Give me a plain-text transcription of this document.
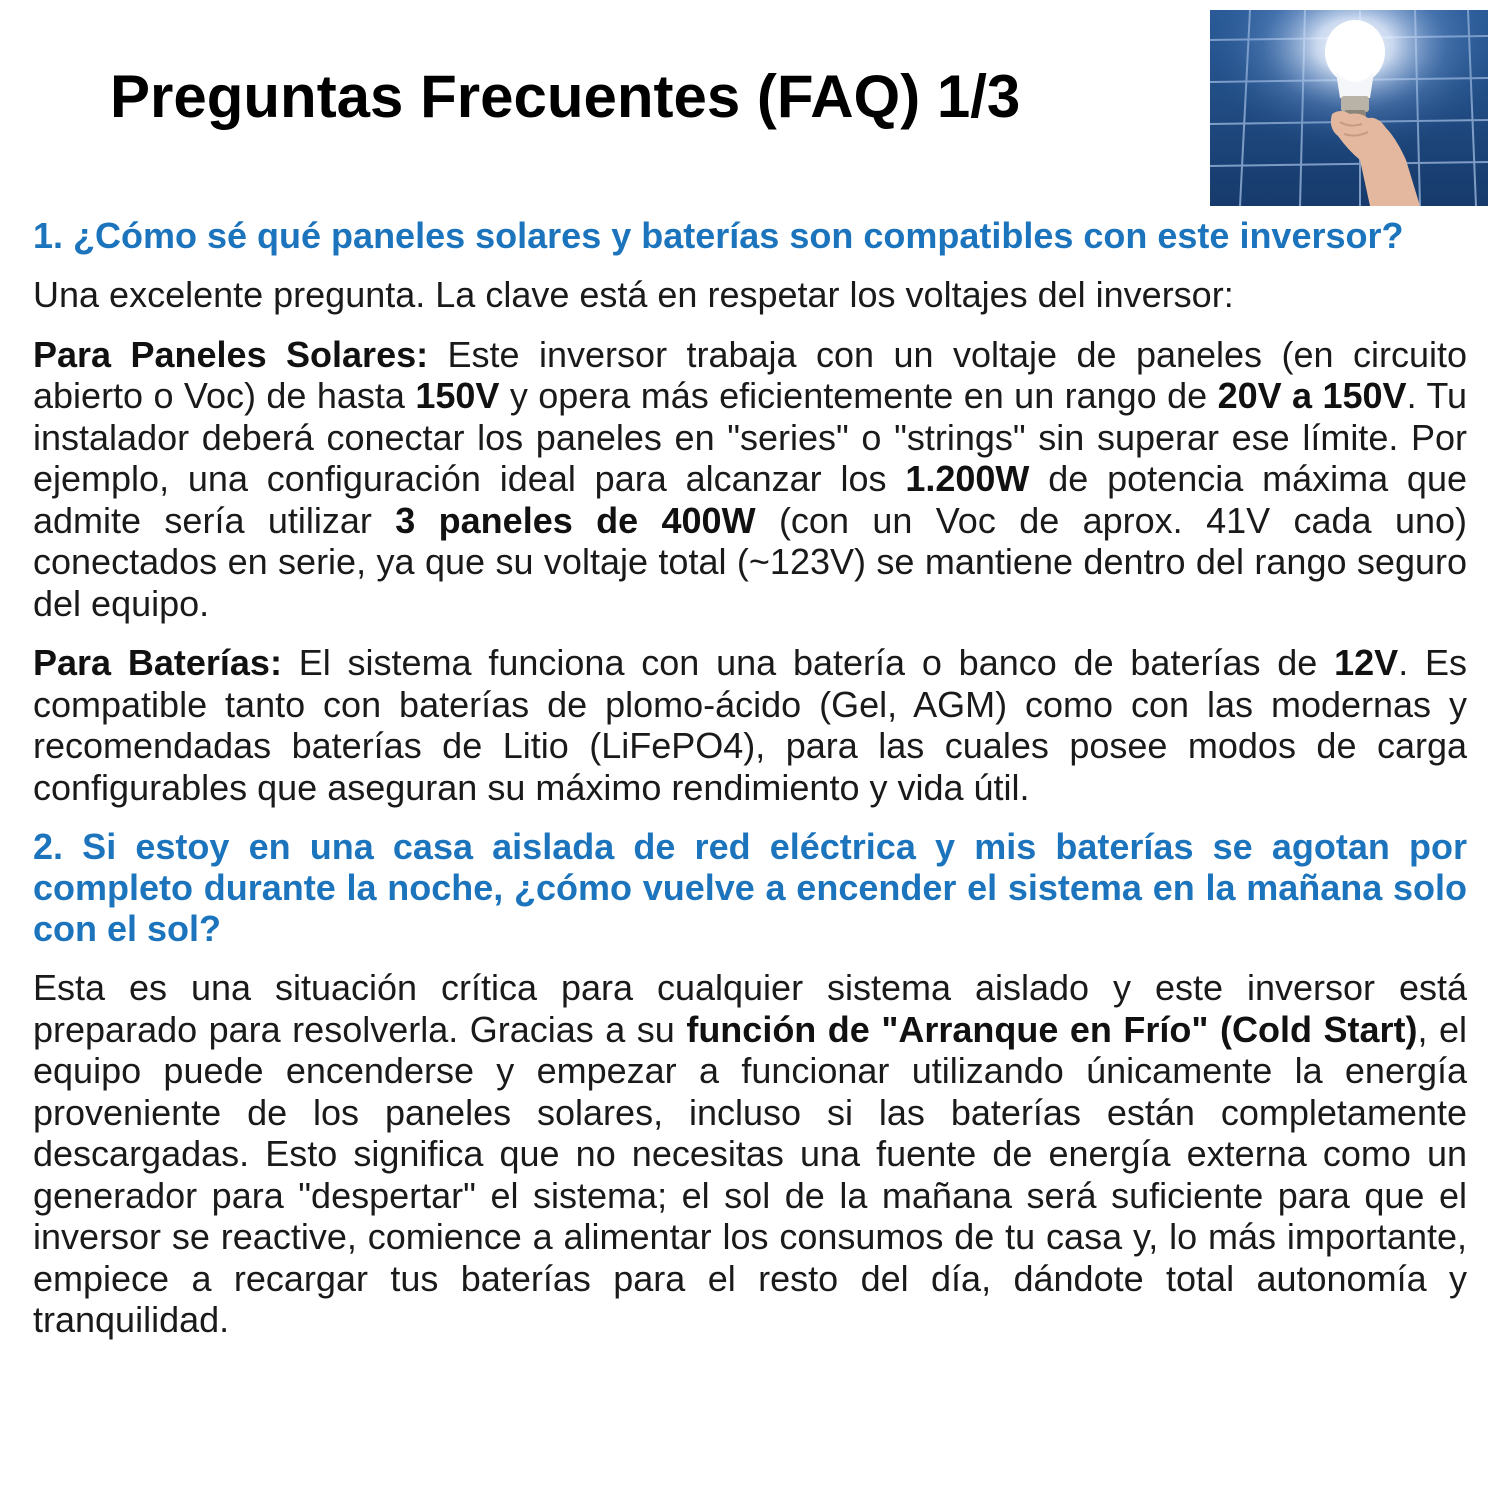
Preguntas Frecuentes (FAQ) 1/3

1. ¿Cómo sé qué paneles solares y baterías son compatibles con este inversor?

Una excelente pregunta. La clave está en respetar los voltajes del inversor:

Para Paneles Solares: Este inversor trabaja con un voltaje de paneles (en circuito abierto o Voc) de hasta 150V y opera más eficientemente en un rango de 20V a 150V. Tu instalador deberá conectar los paneles en "series" o "strings" sin superar ese límite. Por ejemplo, una configuración ideal para alcanzar los 1.200W de potencia máxima que admite sería utilizar 3 paneles de 400W (con un Voc de aprox. 41V cada uno) conectados en serie, ya que su voltaje total (~123V) se mantiene dentro del rango seguro del equipo.

Para Baterías: El sistema funciona con una batería o banco de baterías de 12V. Es compatible tanto con baterías de plomo-ácido (Gel, AGM) como con las modernas y recomendadas baterías de Litio (LiFePO4), para las cuales posee modos de carga configurables que aseguran su máximo rendimiento y vida útil.

2. Si estoy en una casa aislada de red eléctrica y mis baterías se agotan por completo durante la noche, ¿cómo vuelve a encender el sistema en la mañana solo con el sol?

Esta es una situación crítica para cualquier sistema aislado y este inversor está preparado para resolverla. Gracias a su función de "Arranque en Frío" (Cold Start), el equipo puede encenderse y empezar a funcionar utilizando únicamente la energía proveniente de los paneles solares, incluso si las baterías están completamente descargadas. Esto significa que no necesitas una fuente de energía externa como un generador para "despertar" el sistema; el sol de la mañana será suficiente para que el inversor se reactive, comience a alimentar los consumos de tu casa y, lo más importante, empiece a recargar tus baterías para el resto del día, dándote total autonomía y tranquilidad.
